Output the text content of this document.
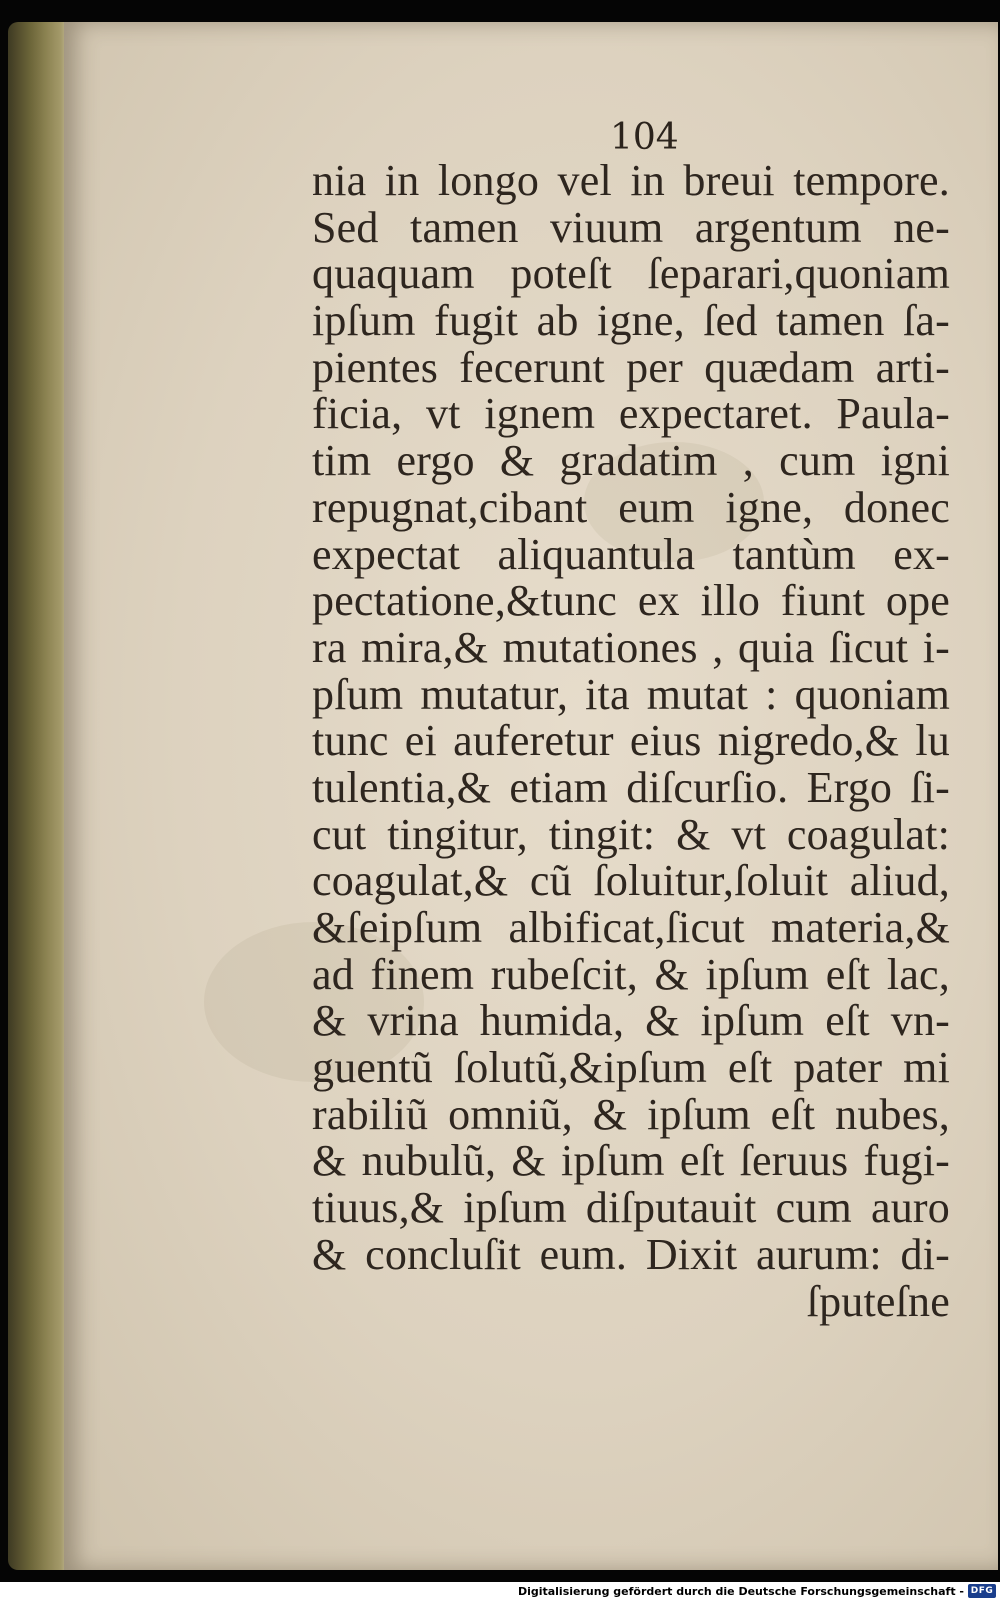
104
nia in longo vel in breui tempore.
Sed tamen viuum argentum ne-
quaquam poteſt ſeparari,quoniam
ipſum fugit ab igne, ſed tamen ſa-
pientes fecerunt per quædam arti-
ficia, vt ignem expectaret. Paula-
tim ergo & gradatim , cum igni
repugnat,cibant eum igne, donec
expectat aliquantula tantùm ex-
pectatione,&tunc ex illo fiunt ope
ra mira,& mutationes , quia ſicut i-
pſum mutatur, ita mutat : quoniam
tunc ei auferetur eius nigredo,& lu
tulentia,& etiam diſcurſio. Ergo ſi-
cut tingitur, tingit: & vt coagulat:
coagulat,& cũ ſoluitur,ſoluit aliud,
&ſeipſum albificat,ſicut materia,&
ad finem rubeſcit, & ipſum eſt lac,
& vrina humida, & ipſum eſt vn-
guentũ ſolutũ,&ipſum eſt pater mi
rabiliũ omniũ, & ipſum eſt nubes,
& nubulũ, & ipſum eſt ſeruus fugi-
tiuus,& ipſum diſputauit cum auro
& concluſit eum. Dixit aurum: di-
ſputeſne
Digitalisierung gefördert durch die Deutsche Forschungsgemeinschaft - DFG
